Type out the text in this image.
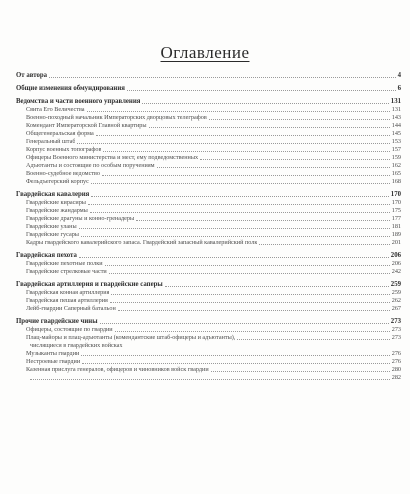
Оглавление
От автора	4
Общие изменения обмундирования	6
Ведомства и части военного управления	131
Свита Его Величества	131
Военно-походный начальник Императорских дворцовых телеграфов	143
Комендант Императорской Главной квартиры	144
Общегенеральская форма	145
Генеральный штаб	153
Корпус военных топографов	157
Офицеры Военного министерства и мест, ему подведомственных	159
Адъютанты и состоящие по особым поручениям	162
Военно-судебное ведомство	165
Фельдъегерский корпус	168
Гвардейская кавалерия	170
Гвардейские кирасиры	170
Гвардейские жандармы	175
Гвардейские драгуны и конно-гренадеры	177
Гвардейские уланы	181
Гвардейские гусары	189
Кадры гвардейского кавалерийского запаса. Гвардейский запасный кавалерийский полк	201
Гвардейская пехота	206
Гвардейские пехотные полки	206
Гвардейские стрелковые части	242
Гвардейская артиллерия и гвардейские саперы	259
Гвардейская конная артиллерия	259
Гвардейская пешая артиллерия	262
Лейб-гвардии Саперный батальон	267
Прочие гвардейские чины	273
Офицеры, состоящие по гвардии	273
Плац-майоры и плац-адъютанты (комендантские штаб-офицеры и адъютанты),	273
числящиеся в гвардейских войсках
Музыканты гвардии	276
Нестроевые гвардии	276
Казенная прислуга генералов, офицеров и чиновников войск гвардии	280
282
